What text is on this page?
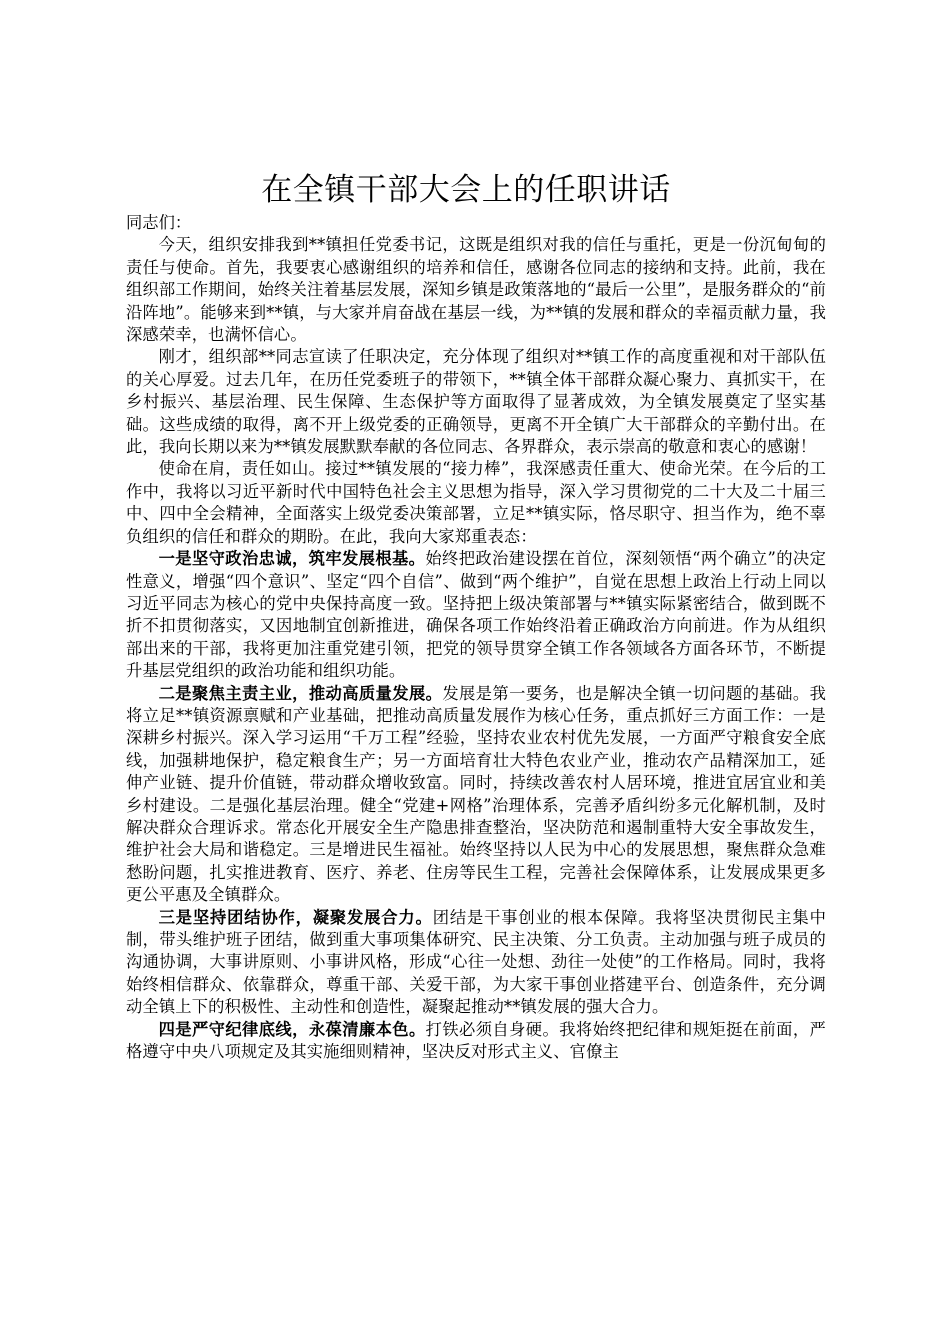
在全镇干部大会上的任职讲话

同志们：

今天，组织安排我到**镇担任党委书记，这既是组织对我的信任与重托，更是一份沉甸甸的责任与使命。首先，我要衷心感谢组织的培养和信任，感谢各位同志的接纳和支持。此前，我在组织部工作期间，始终关注着基层发展，深知乡镇是政策落地的“最后一公里”，是服务群众的“前沿阵地”。能够来到**镇，与大家并肩奋战在基层一线，为**镇的发展和群众的幸福贡献力量，我深感荣幸，也满怀信心。

刚才，组织部**同志宣读了任职决定，充分体现了组织对**镇工作的高度重视和对干部队伍的关心厚爱。过去几年，在历任党委班子的带领下，**镇全体干部群众凝心聚力、真抓实干，在乡村振兴、基层治理、民生保障、生态保护等方面取得了显著成效，为全镇发展奠定了坚实基础。这些成绩的取得，离不开上级党委的正确领导，更离不开全镇广大干部群众的辛勤付出。在此，我向长期以来为**镇发展默默奉献的各位同志、各界群众，表示崇高的敬意和衷心的感谢！

使命在肩，责任如山。接过**镇发展的“接力棒”，我深感责任重大、使命光荣。在今后的工作中，我将以习近平新时代中国特色社会主义思想为指导，深入学习贯彻党的二十大及二十届三中、四中全会精神，全面落实上级党委决策部署，立足**镇实际，恪尽职守、担当作为，绝不辜负组织的信任和群众的期盼。在此，我向大家郑重表态：

一是坚守政治忠诚，筑牢发展根基。始终把政治建设摆在首位，深刻领悟“两个确立”的决定性意义，增强“四个意识”、坚定“四个自信”、做到“两个维护”，自觉在思想上政治上行动上同以习近平同志为核心的党中央保持高度一致。坚持把上级决策部署与**镇实际紧密结合，做到既不折不扣贯彻落实，又因地制宜创新推进，确保各项工作始终沿着正确政治方向前进。作为从组织部出来的干部，我将更加注重党建引领，把党的领导贯穿全镇工作各领域各方面各环节，不断提升基层党组织的政治功能和组织功能。

二是聚焦主责主业，推动高质量发展。发展是第一要务，也是解决全镇一切问题的基础。我将立足**镇资源禀赋和产业基础，把推动高质量发展作为核心任务，重点抓好三方面工作：一是深耕乡村振兴。深入学习运用“千万工程”经验，坚持农业农村优先发展，一方面严守粮食安全底线，加强耕地保护，稳定粮食生产；另一方面培育壮大特色农业产业，推动农产品精深加工，延伸产业链、提升价值链，带动群众增收致富。同时，持续改善农村人居环境，推进宜居宜业和美乡村建设。二是强化基层治理。健全“党建+网格”治理体系，完善矛盾纠纷多元化解机制，及时解决群众合理诉求。常态化开展安全生产隐患排查整治，坚决防范和遏制重特大安全事故发生，维护社会大局和谐稳定。三是增进民生福祉。始终坚持以人民为中心的发展思想，聚焦群众急难愁盼问题，扎实推进教育、医疗、养老、住房等民生工程，完善社会保障体系，让发展成果更多更公平惠及全镇群众。

三是坚持团结协作，凝聚发展合力。团结是干事创业的根本保障。我将坚决贯彻民主集中制，带头维护班子团结，做到重大事项集体研究、民主决策、分工负责。主动加强与班子成员的沟通协调，大事讲原则、小事讲风格，形成“心往一处想、劲往一处使”的工作格局。同时，我将始终相信群众、依靠群众，尊重干部、关爱干部，为大家干事创业搭建平台、创造条件，充分调动全镇上下的积极性、主动性和创造性，凝聚起推动**镇发展的强大合力。

四是严守纪律底线，永葆清廉本色。打铁必须自身硬。我将始终把纪律和规矩挺在前面，严格遵守中央八项规定及其实施细则精神，坚决反对形式主义、官僚主
